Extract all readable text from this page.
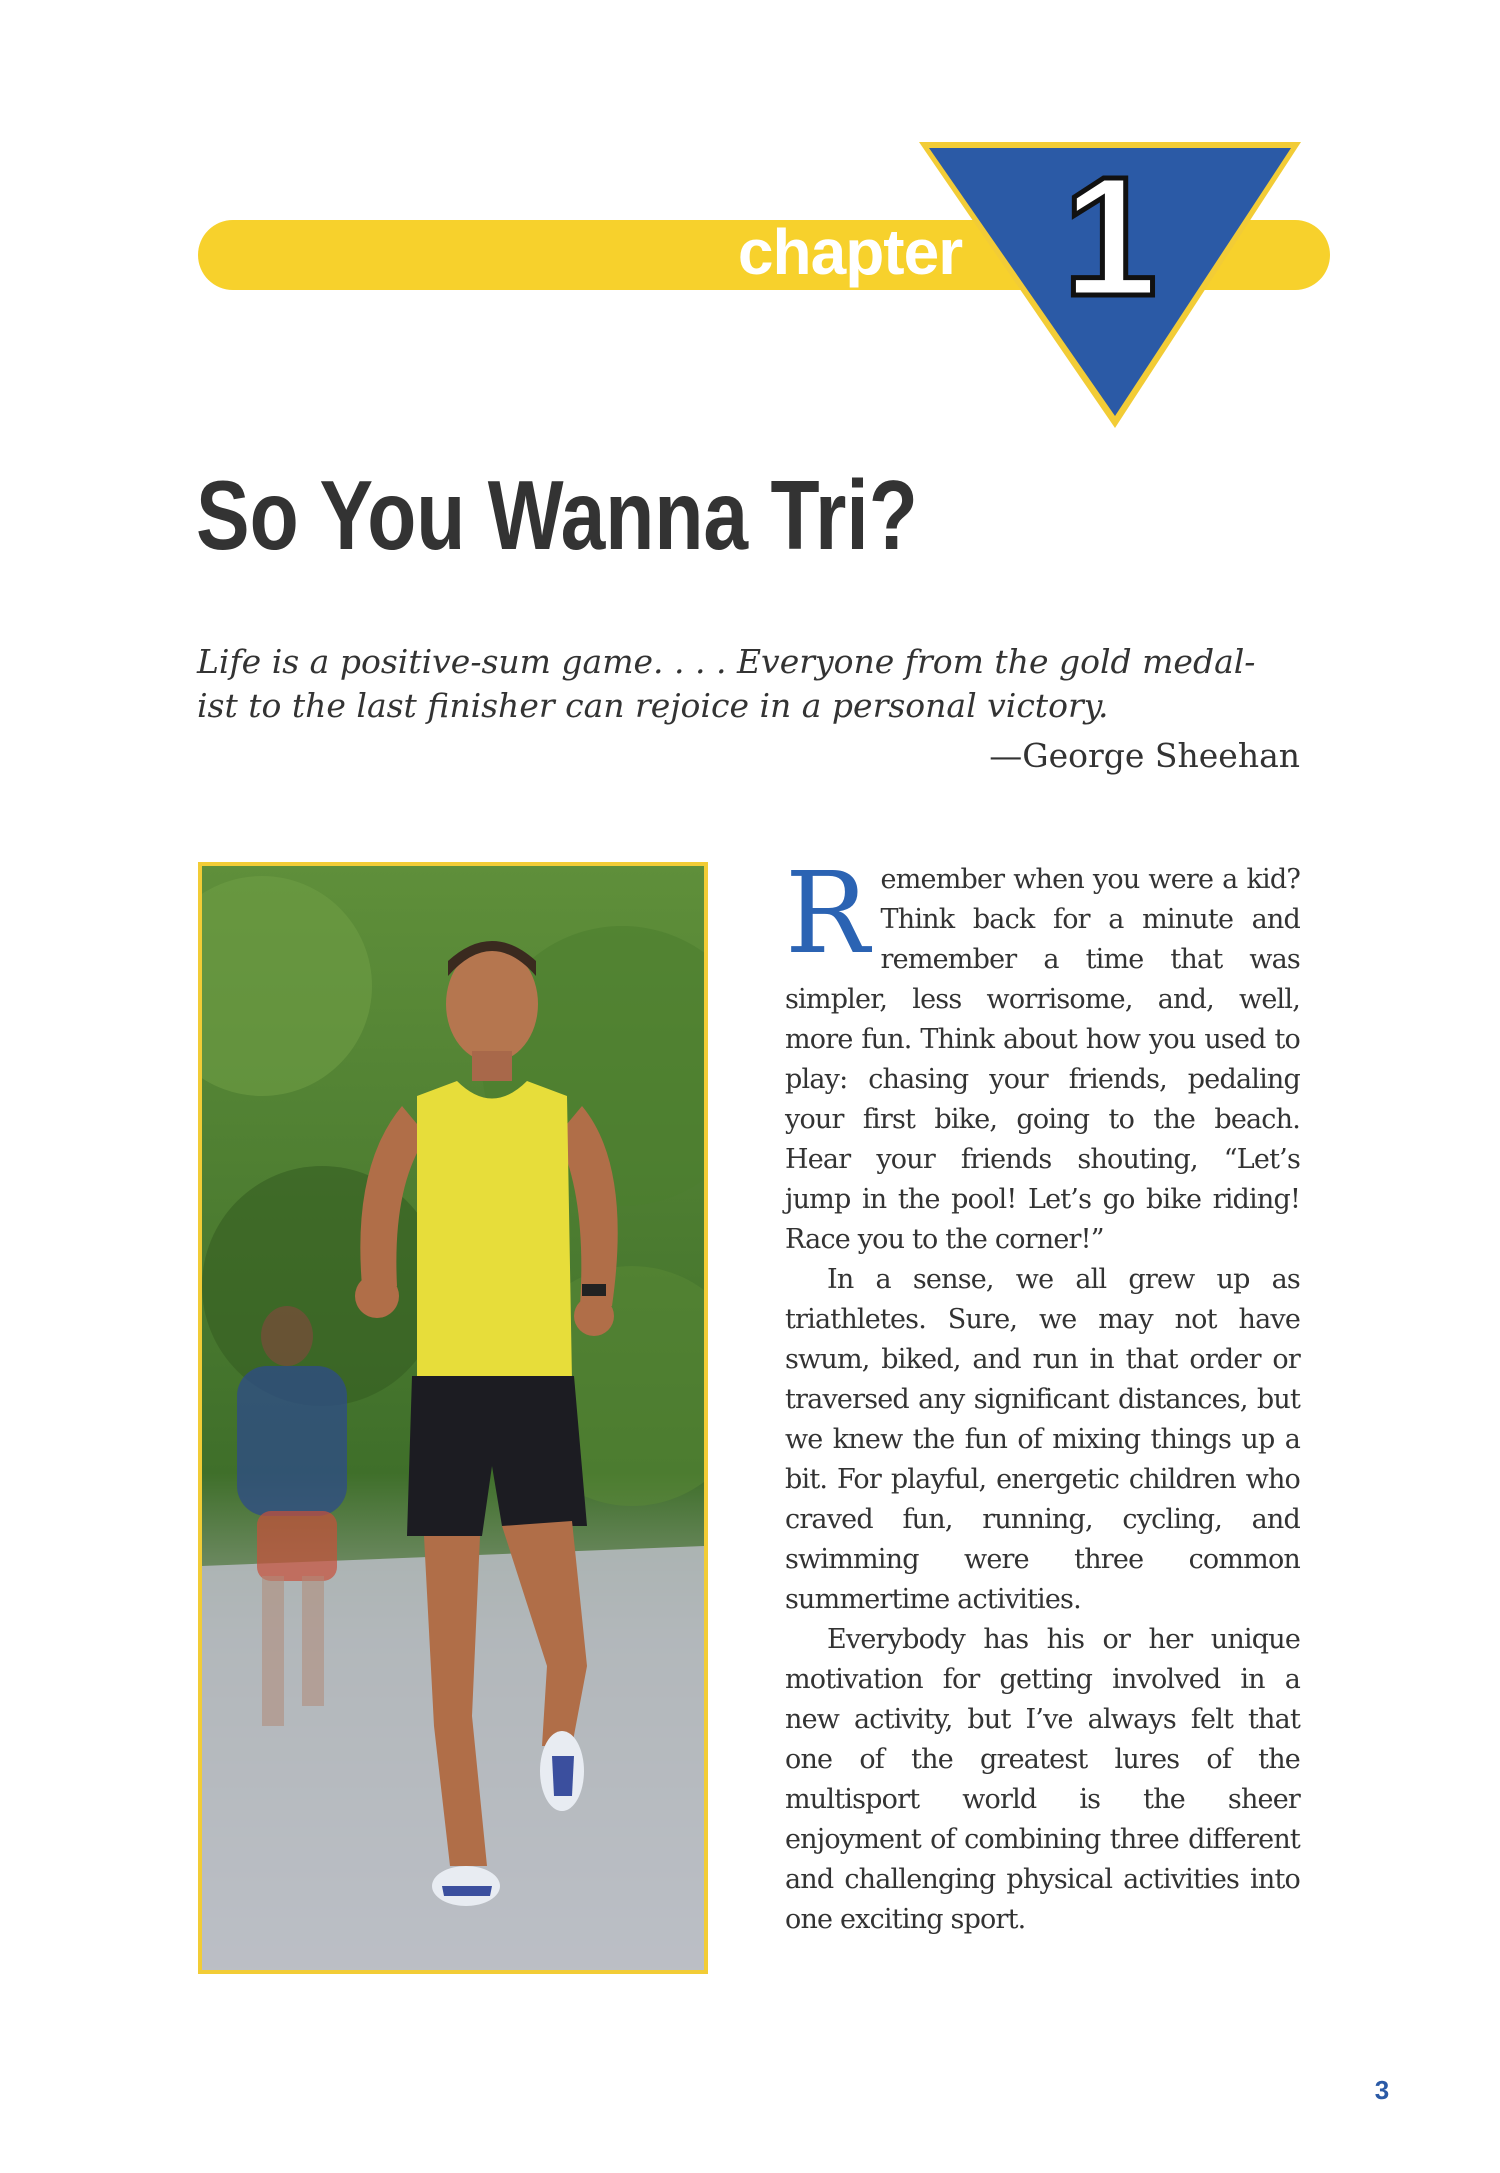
chapter 1
So You Wanna Tri?
Life is a positive-sum game. . . . Everyone from the gold medal-
ist to the last finisher can rejoice in a personal victory.
—George Sheehan

Remember when you were a kid? Think back for a minute and remember a time that was simpler, less worrisome, and, well, more fun. Think about how you used to play: chasing your friends, pedaling your first bike, going to the beach. Hear your friends shouting, “Let’s jump in the pool! Let’s go bike riding! Race you to the corner!”

In a sense, we all grew up as triathletes. Sure, we may not have swum, biked, and run in that order or traversed any significant distances, but we knew the fun of mixing things up a bit. For playful, energetic children who craved fun, running, cycling, and swimming were three common summertime activities.

Everybody has his or her unique motivation for getting involved in a new activity, but I’ve always felt that one of the greatest lures of the multisport world is the sheer enjoyment of combining three different and challenging physical activities into one exciting sport.

3
